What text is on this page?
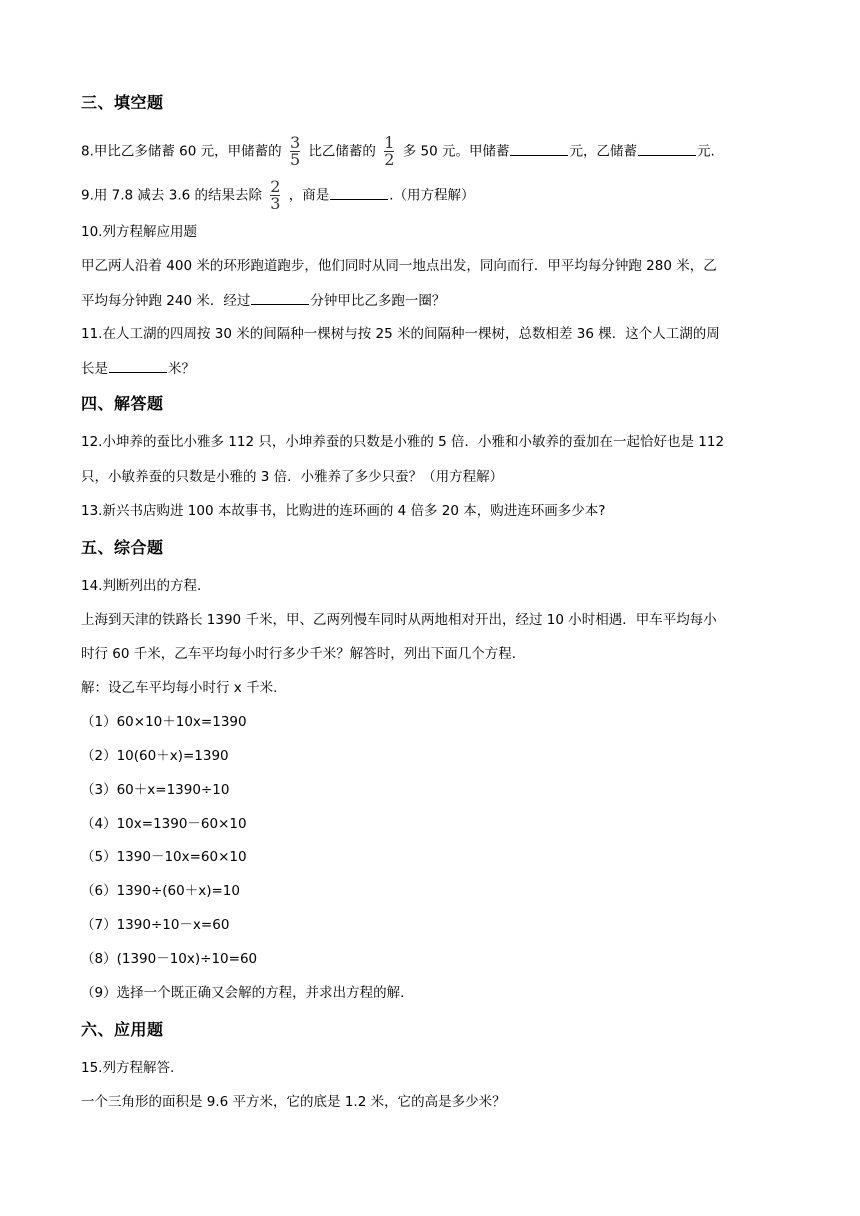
三、填空题
8.甲比乙多储蓄 60 元，甲储蓄的 $\frac{3}{5}$ 比乙储蓄的 $\frac{1}{2}$ 多 50 元。甲储蓄	元，乙储蓄	元.
9.用 7.8 减去 3.6 的结果去除 $\frac{2}{3}$ ，商是	.（用方程解）
10.列方程解应用题
甲乙两人沿着 400 米的环形跑道跑步，他们同时从同一地点出发，同向而行．甲平均每分钟跑 280 米，乙
平均每分钟跑 240 米．经过	分钟甲比乙多跑一圈？
11.在人工湖的四周按 30 米的间隔种一棵树与按 25 米的间隔种一棵树，总数相差 36 棵．这个人工湖的周
长是	米？
四、解答题
12.小坤养的蚕比小雅多 112 只，小坤养蚕的只数是小雅的 5 倍．小雅和小敏养的蚕加在一起恰好也是 112
只，小敏养蚕的只数是小雅的 3 倍．小雅养了多少只蚕？（用方程解）
13.新兴书店购进 100 本故事书，比购进的连环画的 4 倍多 20 本，购进连环画多少本?
五、综合题
14.判断列出的方程.
上海到天津的铁路长 1390 千米，甲、乙两列慢车同时从两地相对开出，经过 10 小时相遇．甲车平均每小
时行 60 千米，乙车平均每小时行多少千米？解答时，列出下面几个方程.
解：设乙车平均每小时行 x 千米.
（1）60×10＋10x=1390
（2）10(60＋x)=1390
（3）60＋x=1390÷10
（4）10x=1390－60×10
（5）1390－10x=60×10
（6）1390÷(60＋x)=10
（7）1390÷10－x=60
（8）(1390－10x)÷10=60
（9）选择一个既正确又会解的方程，并求出方程的解.
六、应用题
15.列方程解答.
一个三角形的面积是 9.6 平方米，它的底是 1.2 米，它的高是多少米？
